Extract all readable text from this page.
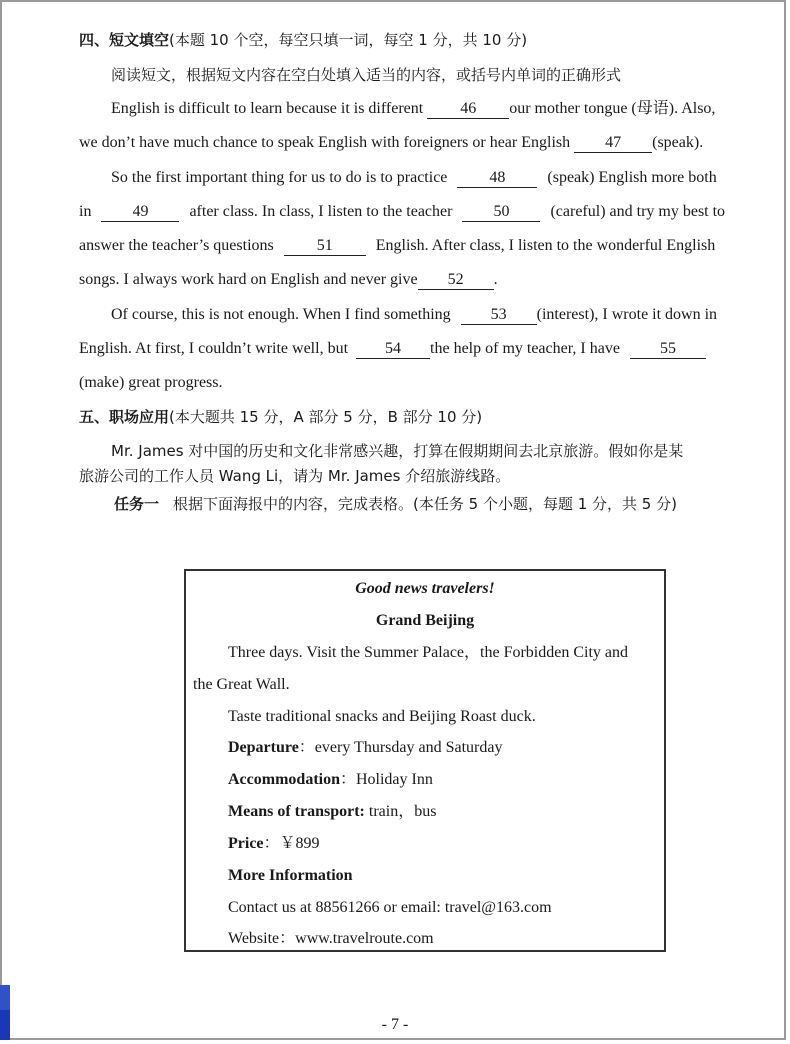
四、短文填空(本题 10 个空，每空只填一词，每空 1 分，共 10 分)
阅读短文，根据短文内容在空白处填入适当的内容，或括号内单词的正确形式
English is difficult to learn because it is different 46 our mother tongue (母语). Also,
we don’t have much chance to speak English with foreigners or hear English 47 (speak).
So the first important thing for us to do is to practice	48	(speak) English more both
in	49	after class. In class, I listen to the teacher	50	(careful) and try my best to
answer the teacher’s questions	51	English. After class, I listen to the wonderful English
songs. I always work hard on English and never give 52 .
Of course, this is not enough. When I find something	53 (interest), I wrote it down in
English. At first, I couldn’t write well, but 54 the help of my teacher, I have	55
(make) great progress.
五、职场应用(本大题共 15 分，A 部分 5 分，B 部分 10 分)
Mr. James 对中国的历史和文化非常感兴趣，打算在假期期间去北京旅游。假如你是某
旅游公司的工作人员 Wang Li，请为 Mr. James 介绍旅游线路。
任务一 根据下面海报中的内容，完成表格。(本任务 5 个小题，每题 1 分，共 5 分)
Good news travelers!
Grand Beijing
Three days. Visit the Summer Palace，the Forbidden City and
the Great Wall.
Taste traditional snacks and Beijing Roast duck.
Departure：every Thursday and Saturday
Accommodation：Holiday Inn
Means of transport: train，bus
Price：￥899
More Information
Contact us at 88561266 or email: travel@163.com
Website：www.travelroute.com
- 7 -
